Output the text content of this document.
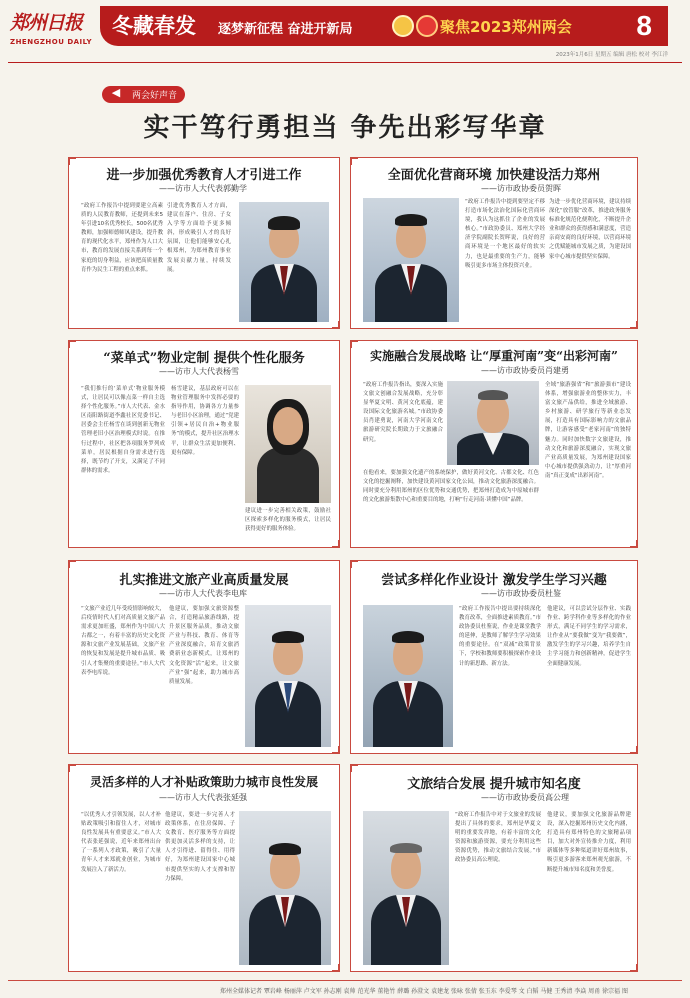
郑州日报
ZHENGZHOU DAILY
冬藏春发 逐梦新征程 奋进开新局	聚焦2023郑州两会 8
2023年1月6日 星期五 编辑 唐松 校对 李江洋
◀	两会好声音
实干笃行勇担当 争先出彩写华章
进一步加强优秀教育人才引进工作
——访市人大代表郭勤学
“政府工作报告中提到要建立高素质的人民教育教师，还提到未来5年引进10名优秀校长，500名优秀教师，加强师德师风建设，提升教育的现代化水平，郑州作为人口大市，教育的发展直接关系到每一个家庭的切身利益，应该把高质量教育作为民生工程的重点来抓。
引进优秀教育人才方面，建议在落户、住房、子女入学等方面给予更多倾斜，形成吸引人才的良好氛围，让他们能够安心扎根郑州，为郑州教育事业发展贡献力量，持续发展。
全面优化营商环境 加快建设活力郑州
——访市政协委员贺晖
“政府工作报告中提到要坚定不移打造市场化法治化国际化营商环境，我认为这抓住了企业的发展核心。”市政协委员、郑州大学经济学院副院长贺晖说，良好的营商环境是一个地区最好的软实力，也是最重要的生产力，能够吸引更多市场主体投资兴业。
为进一步优化营商环境，建议持续深化“放管服”改革，推进政务服务标准化规范化便利化，不断提升企业和群众的获得感和满意度，营造亲商安商的良好环境，以营商环境之优赋能城市发展之质，为建设国家中心城市提供坚实保障。
“菜单式”物业定制 提供个性化服务
——访市人大代表杨雪
“我们推行的‘菜单式’物业服务模式，让居民可以像点菜一样自主选择个性化服务。”市人大代表、金水区南阳路街道李鑫社区党委书记、居委会主任杨雪在谈到创新无物业管理老旧小区治理模式时说。在推行过程中，社区把各项服务罗列成菜单，居民根据自身需求进行选择，既节约了开支，又满足了不同群体的需求。
杨雪建议，基层政府可以在物业管理服务中发挥必要的指导作用，协调各方力量参与老旧小区治理，通过“党建引领+居民自治+物业服务”的模式，提升社区治理水平，让群众生活更加便利、更有保障。
建议进一步完善相关政策，鼓励社区探索多样化的服务模式，让居民获得更好的服务体验。
实施融合发展战略 让“厚重河南”变“出彩河南”
——访市政协委员肖建勇
“政府工作报告指出，要深入实施文旅文创融合发展战略，充分彰显华夏文明、黄河文化底蕴，建设国际文化旅游名城。”市政协委员肖建勇说，河南大学河南文化旅游研究院长期致力于文旅融合研究。
全域“旅游强省”和“旅游强市”建设体系，增强旅游业的整体实力，丰富文旅产品供给，推进全域旅游、乡村旅游、研学旅行等新业态发展，打造具有国际影响力的文旅品牌，让游客感受“老家河南”的独特魅力。同时加快数字文旅建设，推动文化和旅游深度融合，实现文旅产业高质量发展，为郑州建设国家中心城市提供强劲动力，让“厚重河南”真正变成“出彩河南”。
在他看来，要加强文化遗产的系统保护，做好黄河文化、古都文化、红色文化的挖掘阐释，加快建设黄河国家文化公园，推动文化旅游深度融合。同时要充分利用郑州的区位优势和交通优势，把郑州打造成为中原城市群的文化旅游集散中心和重要目的地，打响“行走河南·读懂中国”品牌。
扎实推进文旅产业高质量发展
——访市人大代表李电库
“文旅产业近几年受疫情影响较大，后疫情时代人们对高质量文旅产品需求更加旺盛，郑州作为中国八大古都之一，有着丰富的历史文化资源和文旅产业发展基础，文旅产业的恢复和发展是提升城市品质、吸引人才集聚的重要途径。”市人大代表李电库说。
他建议，要加强文旅资源整合，打造精品旅游线路，提升景区服务品质，推动文旅产业与科技、教育、体育等产业深度融合，培育文旅消费新业态新模式，让郑州的文化资源“活”起来，让文旅产业“强”起来，助力城市高质量发展。
尝试多样化作业设计 激发学生学习兴趣
——访市政协委员杜鉴
“政府工作报告中提出要持续深化教育改革，全面推进素质教育。”市政协委员杜鉴说，作业是课堂教学的延伸，是教师了解学生学习效果的重要途径。在“双减”政策背景下，学校和教师要积极探索作业设计的新思路、新方法。
他建议，可以尝试分层作业、实践作业、跨学科作业等多样化的作业形式，满足不同学生的学习需求，让作业从“要我做”变为“我要做”，激发学生的学习兴趣，培养学生自主学习能力和创新精神，促进学生全面健康发展。
灵活多样的人才补贴政策助力城市良性发展
——访市人大代表张延强
“以优秀人才引领发展，以人才补贴政策吸引和留住人才，对城市良性发展具有重要意义。”市人大代表张延强说，近年来郑州出台了一系列人才政策，吸引了大量青年人才来郑就业创业，为城市发展注入了新活力。
他建议，要进一步完善人才政策体系，在住房保障、子女教育、医疗服务等方面提供更加灵活多样的支持，让人才引得进、留得住、用得好，为郑州建设国家中心城市提供坚实的人才支撑和智力保障。
文旅结合发展 提升城市知名度
——访市政协委员高公理
“政府工作报告中对于文旅业的发展提出了具体的要求，郑州是华夏文明的重要发祥地，有着丰富的文化资源和旅游资源，要充分利用这些资源优势，推动文旅结合发展。”市政协委员高公理说。
他建议，要加强文化旅游品牌建设，深入挖掘郑州历史文化内涵，打造具有郑州特色的文旅精品项目，加大对外宣传推介力度，利用新媒体等多种渠道讲好郑州故事，吸引更多游客来郑州观光旅游，不断提升城市知名度和美誉度。
郑州全媒体记者 覃岩峰 杨丽萍 卢文军 孙志刚 袁帅 范光华 董艳竹 薛璐 孙澄文 袁建龙 张咏 张倩 张玉东 李爱琴 文 白韬 马健 王秀清 李焱 周甬 徐宗福 图
